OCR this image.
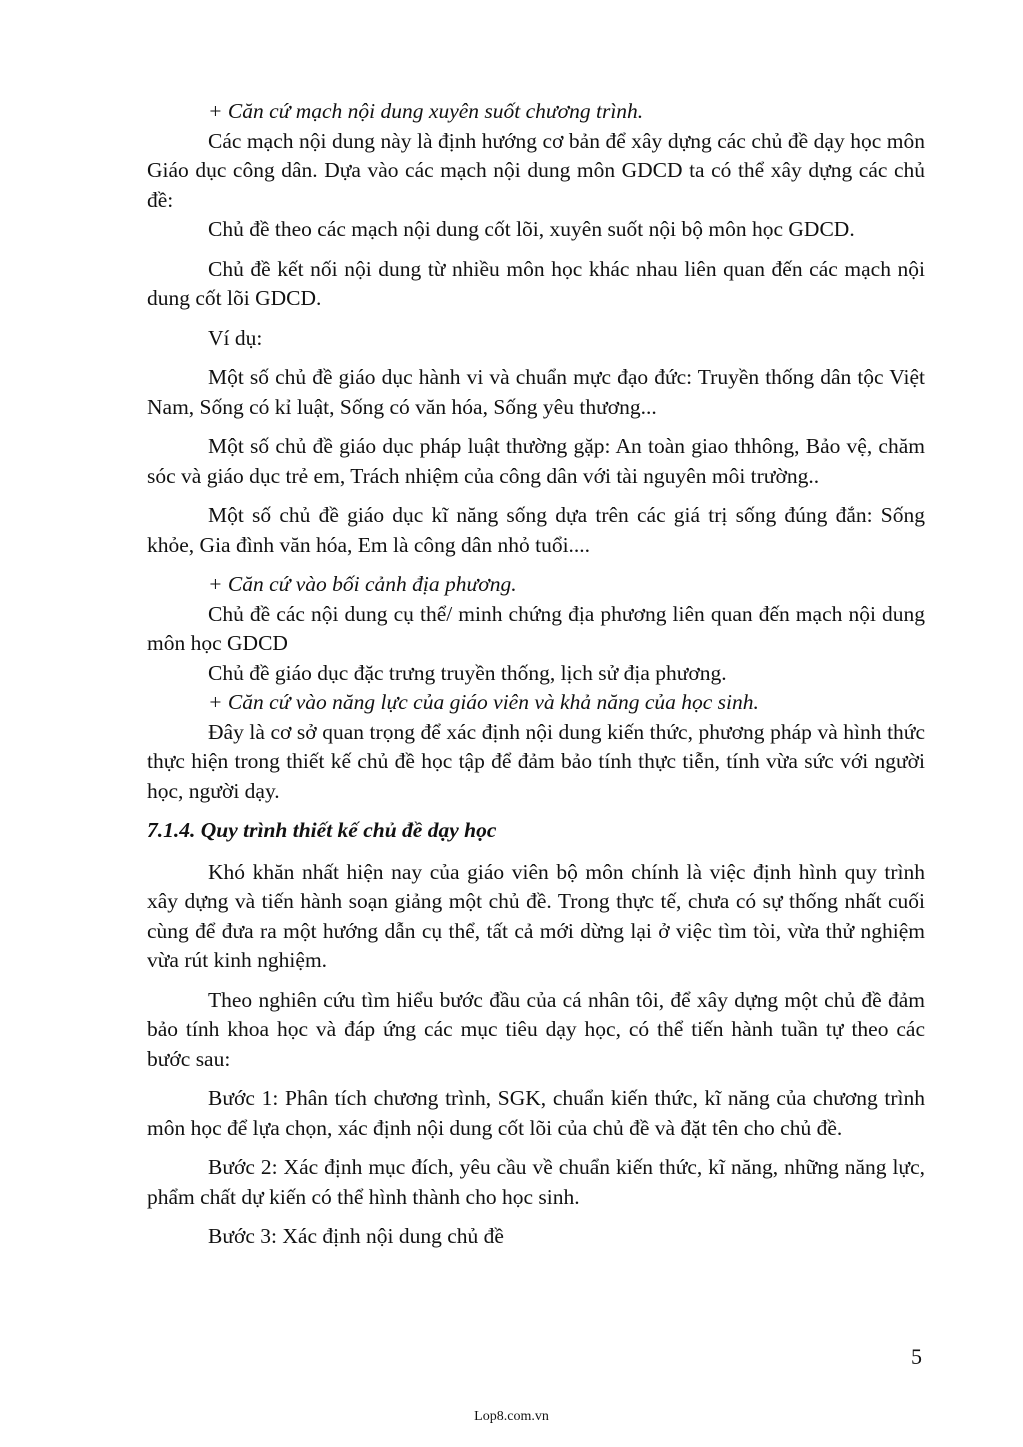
+ Căn cứ mạch nội dung xuyên suốt chương trình.

Các mạch nội dung này là định hướng cơ bản để xây dựng các chủ đề dạy học môn Giáo dục công dân. Dựa vào các mạch nội dung môn GDCD ta có thể xây dựng các chủ đề:

Chủ đề theo các mạch nội dung cốt lõi, xuyên suốt nội bộ môn học GDCD.

Chủ đề kết nối nội dung từ nhiều môn học khác nhau liên quan đến các mạch nội dung cốt lõi GDCD.

Ví dụ:

Một số chủ đề giáo dục hành vi và chuẩn mực đạo đức: Truyền thống dân tộc Việt Nam, Sống có kỉ luật, Sống có văn hóa, Sống yêu thương...

Một số chủ đề giáo dục pháp luật thường gặp: An toàn giao thhông, Bảo vệ, chăm sóc và giáo dục trẻ em, Trách nhiệm của công dân với tài nguyên môi trường..

Một số chủ đề giáo dục kĩ năng sống dựa trên các giá trị sống đúng đắn: Sống khỏe, Gia đình văn hóa, Em là công dân nhỏ tuổi....

+ Căn cứ vào bối cảnh địa phương.

Chủ đề các nội dung cụ thể/ minh chứng địa phương liên quan đến mạch nội dung môn học GDCD

Chủ đề giáo dục đặc trưng truyền thống, lịch sử địa phương.

+ Căn cứ vào năng lực của giáo viên và khả năng của học sinh.

Đây là cơ sở quan trọng để xác định nội dung kiến thức, phương pháp và hình thức thực hiện trong thiết kế chủ đề học tập để đảm bảo tính thực tiễn, tính vừa sức với người học, người dạy.

7.1.4. Quy trình thiết kế chủ đề dạy học

Khó khăn nhất hiện nay của giáo viên bộ môn chính là việc định hình quy trình xây dựng và tiến hành soạn giảng một chủ đề. Trong thực tế, chưa có sự thống nhất cuối cùng để đưa ra một hướng dẫn cụ thể, tất cả mới dừng lại ở việc tìm tòi, vừa thử nghiệm vừa rút kinh nghiệm.

Theo nghiên cứu tìm hiểu bước đầu của cá nhân tôi, để xây dựng một chủ đề đảm bảo tính khoa học và đáp ứng các mục tiêu dạy học, có thể tiến hành tuần tự theo các bước sau:

Bước 1: Phân tích chương trình, SGK, chuẩn kiến thức, kĩ năng của chương trình môn học để lựa chọn, xác định nội dung cốt lõi của chủ đề và đặt tên cho chủ đề.

Bước 2: Xác định mục đích, yêu cầu về chuẩn kiến thức, kĩ năng, những năng lực, phẩm chất dự kiến có thể hình thành cho học sinh.

Bước 3: Xác định nội dung chủ đề

5
Lop8.com.vn
